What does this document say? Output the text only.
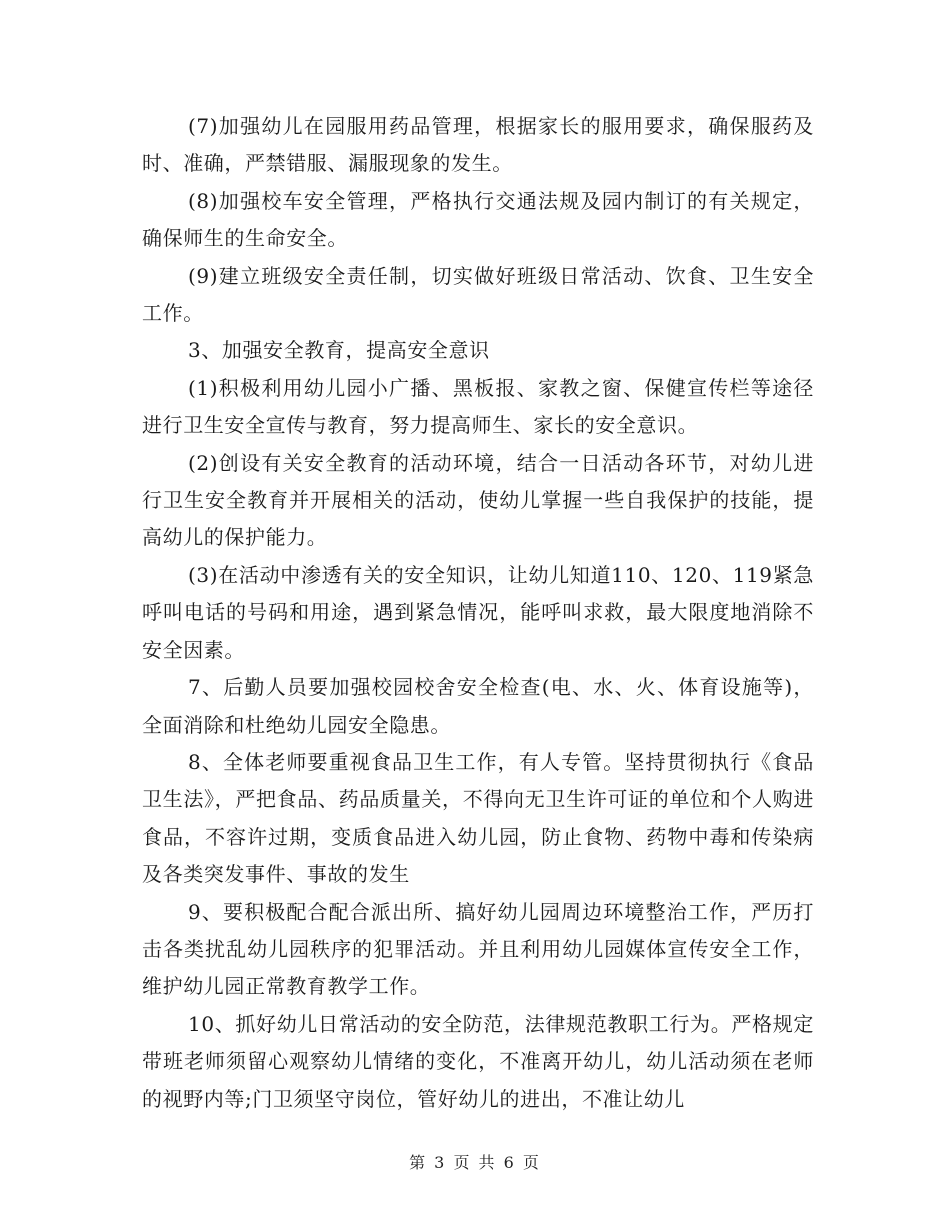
(7)加强幼儿在园服用药品管理，根据家长的服用要求，确保服药及时、准确，严禁错服、漏服现象的发生。

(8)加强校车安全管理，严格执行交通法规及园内制订的有关规定，确保师生的生命安全。

(9)建立班级安全责任制，切实做好班级日常活动、饮食、卫生安全工作。

3、加强安全教育，提高安全意识

(1)积极利用幼儿园小广播、黑板报、家教之窗、保健宣传栏等途径进行卫生安全宣传与教育，努力提高师生、家长的安全意识。

(2)创设有关安全教育的活动环境，结合一日活动各环节，对幼儿进行卫生安全教育并开展相关的活动，使幼儿掌握一些自我保护的技能，提高幼儿的保护能力。

(3)在活动中渗透有关的安全知识，让幼儿知道110、120、119紧急呼叫电话的号码和用途，遇到紧急情况，能呼叫求救，最大限度地消除不安全因素。

7、后勤人员要加强校园校舍安全检查(电、水、火、体育设施等)，全面消除和杜绝幼儿园安全隐患。

8、全体老师要重视食品卫生工作，有人专管。坚持贯彻执行《食品卫生法》，严把食品、药品质量关，不得向无卫生许可证的单位和个人购进食品，不容许过期，变质食品进入幼儿园，防止食物、药物中毒和传染病及各类突发事件、事故的发生

9、要积极配合配合派出所、搞好幼儿园周边环境整治工作，严历打击各类扰乱幼儿园秩序的犯罪活动。并且利用幼儿园媒体宣传安全工作，维护幼儿园正常教育教学工作。

10、抓好幼儿日常活动的安全防范，法律规范教职工行为。严格规定带班老师须留心观察幼儿情绪的变化，不准离开幼儿，幼儿活动须在老师的视野内等;门卫须坚守岗位，管好幼儿的进出，不准让幼儿

第 3 页 共 6 页
